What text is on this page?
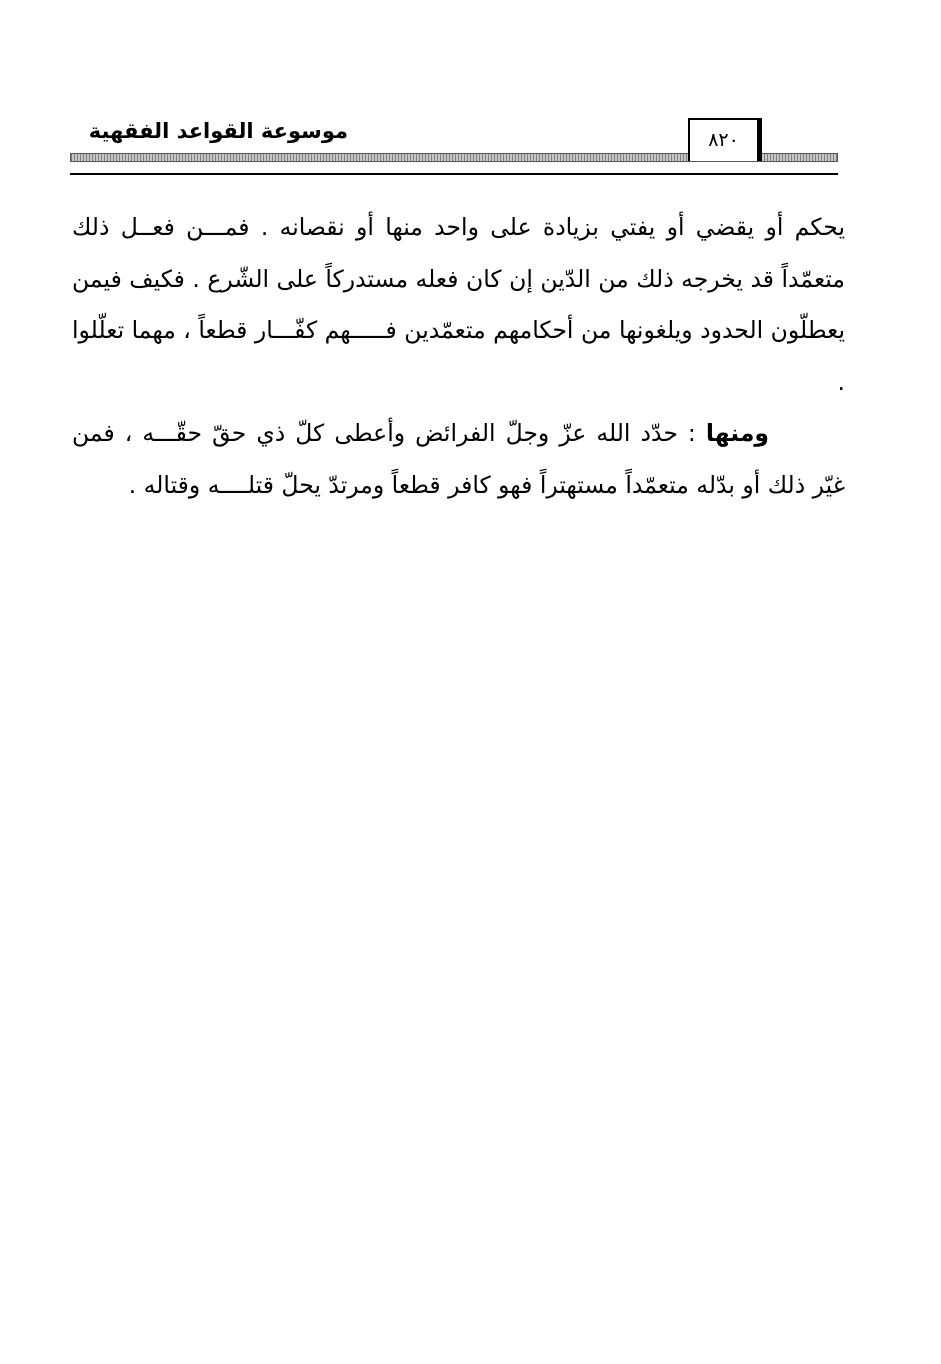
موسوعة القواعد الفقهية	٨٢٠

يحكم أو يقضي أو يفتي بزيادة على واحد منها أو نقصانه . فمـــن فعــل ذلك متعمّداً قد يخرجه ذلك من الدّين إن كان فعله مستدركاً على الشّرع . فكيف فيمن يعطلّون الحدود ويلغونها من أحكامهم متعمّدين فـــــهم كفّـــار قطعاً ، مهما تعلّلوا .

ومنها : حدّد الله عزّ وجلّ الفرائض وأعطى كلّ ذي حقّ حقّـــه ، فمن غيّر ذلك أو بدّله متعمّداً مستهتراً فهو كافر قطعاً ومرتدّ يحلّ قتلــــه وقتاله .
